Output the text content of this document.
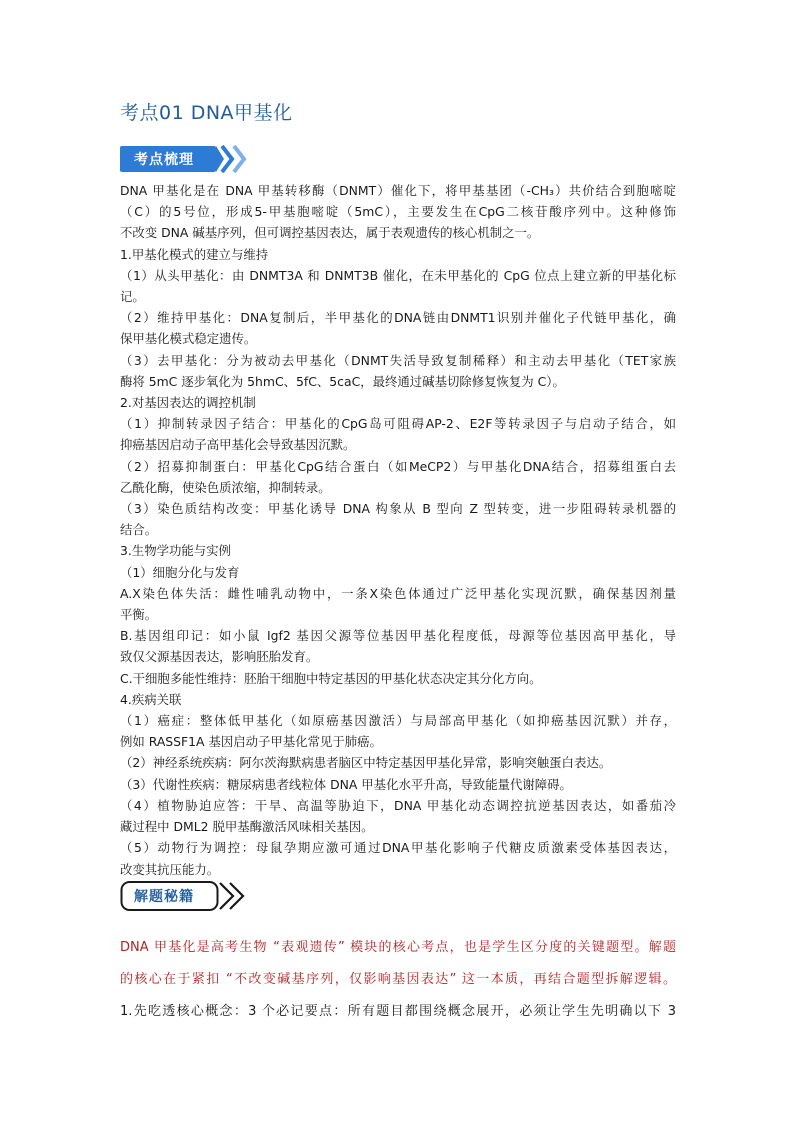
考点01 DNA甲基化
考点梳理

DNA 甲基化是在 DNA 甲基转移酶（DNMT）催化下，将甲基基团（-CH₃）共价结合到胞嘧啶

（C）的5号位，形成5-甲基胞嘧啶（5mC），主要发生在CpG二核苷酸序列中。这种修饰

不改变 DNA 碱基序列，但可调控基因表达，属于表观遗传的核心机制之一。

1.甲基化模式的建立与维持

（1）从头甲基化：由 DNMT3A 和 DNMT3B 催化，在未甲基化的 CpG 位点上建立新的甲基化标

记。

（2）维持甲基化：DNA复制后，半甲基化的DNA链由DNMT1识别并催化子代链甲基化，确

保甲基化模式稳定遗传。

（3）去甲基化：分为被动去甲基化（DNMT失活导致复制稀释）和主动去甲基化（TET家族

酶将 5mC 逐步氧化为 5hmC、5fC、5caC，最终通过碱基切除修复恢复为 C）。

2.对基因表达的调控机制

（1）抑制转录因子结合：甲基化的CpG岛可阻碍AP-2、E2F等转录因子与启动子结合，如

抑癌基因启动子高甲基化会导致基因沉默。

（2）招募抑制蛋白：甲基化CpG结合蛋白（如MeCP2）与甲基化DNA结合，招募组蛋白去

乙酰化酶，使染色质浓缩，抑制转录。

（3）染色质结构改变：甲基化诱导 DNA 构象从 B 型向 Z 型转变，进一步阻碍转录机器的

结合。

3.生物学功能与实例

（1）细胞分化与发育

A.X染色体失活：雌性哺乳动物中，一条X染色体通过广泛甲基化实现沉默，确保基因剂量

平衡。

B.基因组印记：如小鼠 Igf2 基因父源等位基因甲基化程度低，母源等位基因高甲基化，导

致仅父源基因表达，影响胚胎发育。

C.干细胞多能性维持：胚胎干细胞中特定基因的甲基化状态决定其分化方向。

4.疾病关联

（1）癌症：整体低甲基化（如原癌基因激活）与局部高甲基化（如抑癌基因沉默）并存，

例如 RASSF1A 基因启动子甲基化常见于肺癌。

（2）神经系统疾病：阿尔茨海默病患者脑区中特定基因甲基化异常，影响突触蛋白表达。

（3）代谢性疾病：糖尿病患者线粒体 DNA 甲基化水平升高，导致能量代谢障碍。

（4）植物胁迫应答：干旱、高温等胁迫下，DNA 甲基化动态调控抗逆基因表达，如番茄冷

藏过程中 DML2 脱甲基酶激活风味相关基因。

（5）动物行为调控：母鼠孕期应激可通过DNA甲基化影响子代糖皮质激素受体基因表达，

改变其抗压能力。

解题秘籍

DNA 甲基化是高考生物 “表观遗传” 模块的核心考点，也是学生区分度的关键题型。解题

的核心在于紧扣 “不改变碱基序列，仅影响基因表达” 这一本质，再结合题型拆解逻辑。

1.先吃透核心概念：3 个必记要点：所有题目都围绕概念展开，必须让学生先明确以下 3
